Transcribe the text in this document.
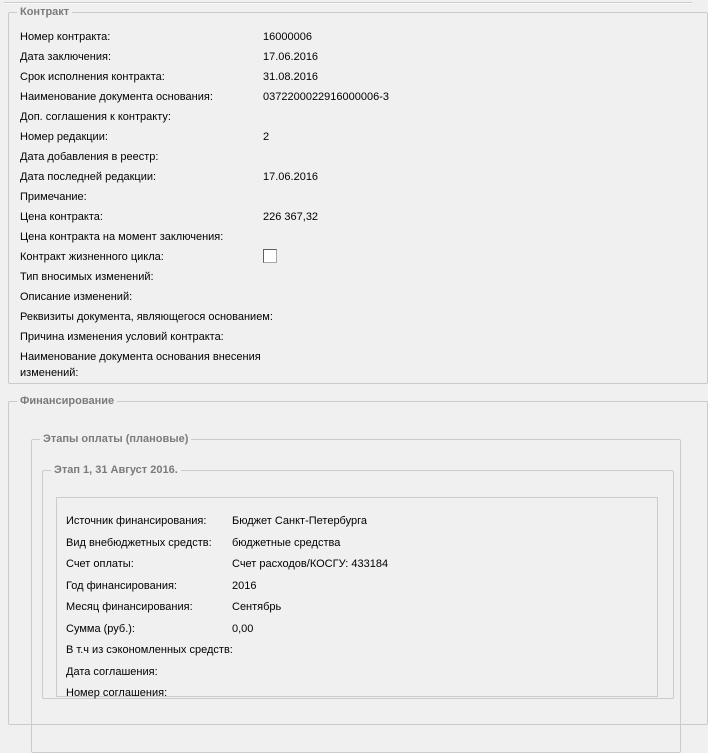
Контракт
Номер контракта:	16000006
Дата заключения:	17.06.2016
Срок исполнения контракта:	31.08.2016
Наименование документа основания:	0372200022916000006-3
Доп. соглашения к контракту:
Номер редакции:	2
Дата добавления в реестр:
Дата последней редакции:	17.06.2016
Примечание:
Цена контракта:	226 367,32
Цена контракта на момент заключения:
Контракт жизненного цикла:
Тип вносимых изменений:
Описание изменений:
Реквизиты документа, являющегося основанием:
Причина изменения условий контракта:
Наименование документа основания внесения изменений:
Финансирование
Этапы оплаты (плановые)
Этап 1, 31 Август 2016.
Источник финансирования: Бюджет Санкт-Петербурга
Вид внебюджетных средств: бюджетные средства
Счет оплаты:	Счет расходов/КОСГУ: 433184
Год финансирования:	2016
Месяц финансирования:	Сентябрь
Сумма (руб.):	0,00
В т.ч из сэкономленных средств:
Дата соглашения:
Номер соглашения:
